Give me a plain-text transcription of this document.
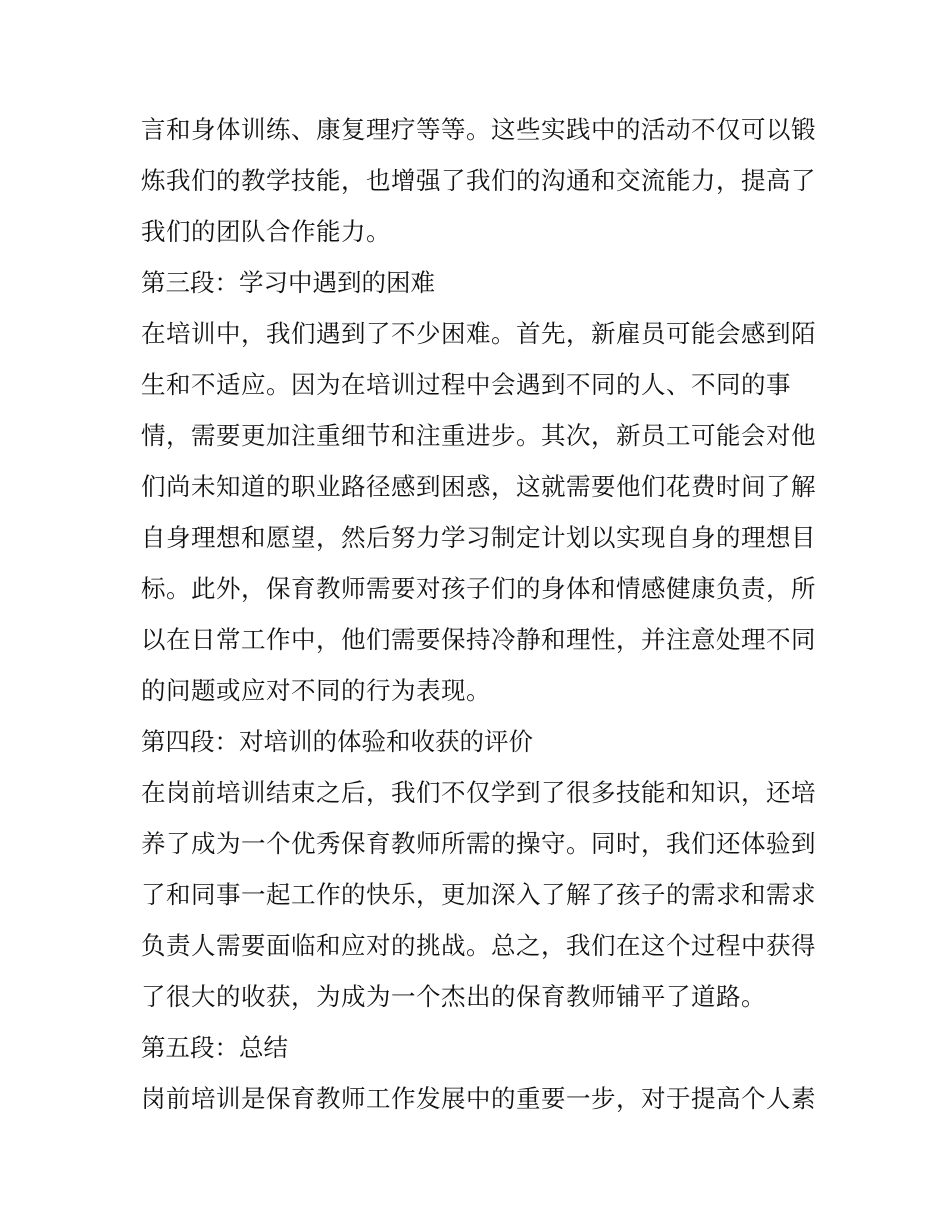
言和身体训练、康复理疗等等。这些实践中的活动不仅可以锻
炼我们的教学技能，也增强了我们的沟通和交流能力，提高了
我们的团队合作能力。
第三段：学习中遇到的困难
在培训中，我们遇到了不少困难。首先，新雇员可能会感到陌
生和不适应。因为在培训过程中会遇到不同的人、不同的事
情，需要更加注重细节和注重进步。其次，新员工可能会对他
们尚未知道的职业路径感到困惑，这就需要他们花费时间了解
自身理想和愿望，然后努力学习制定计划以实现自身的理想目
标。此外，保育教师需要对孩子们的身体和情感健康负责，所
以在日常工作中，他们需要保持冷静和理性，并注意处理不同
的问题或应对不同的行为表现。
第四段：对培训的体验和收获的评价
在岗前培训结束之后，我们不仅学到了很多技能和知识，还培
养了成为一个优秀保育教师所需的操守。同时，我们还体验到
了和同事一起工作的快乐，更加深入了解了孩子的需求和需求
负责人需要面临和应对的挑战。总之，我们在这个过程中获得
了很大的收获，为成为一个杰出的保育教师铺平了道路。
第五段：总结
岗前培训是保育教师工作发展中的重要一步，对于提高个人素
